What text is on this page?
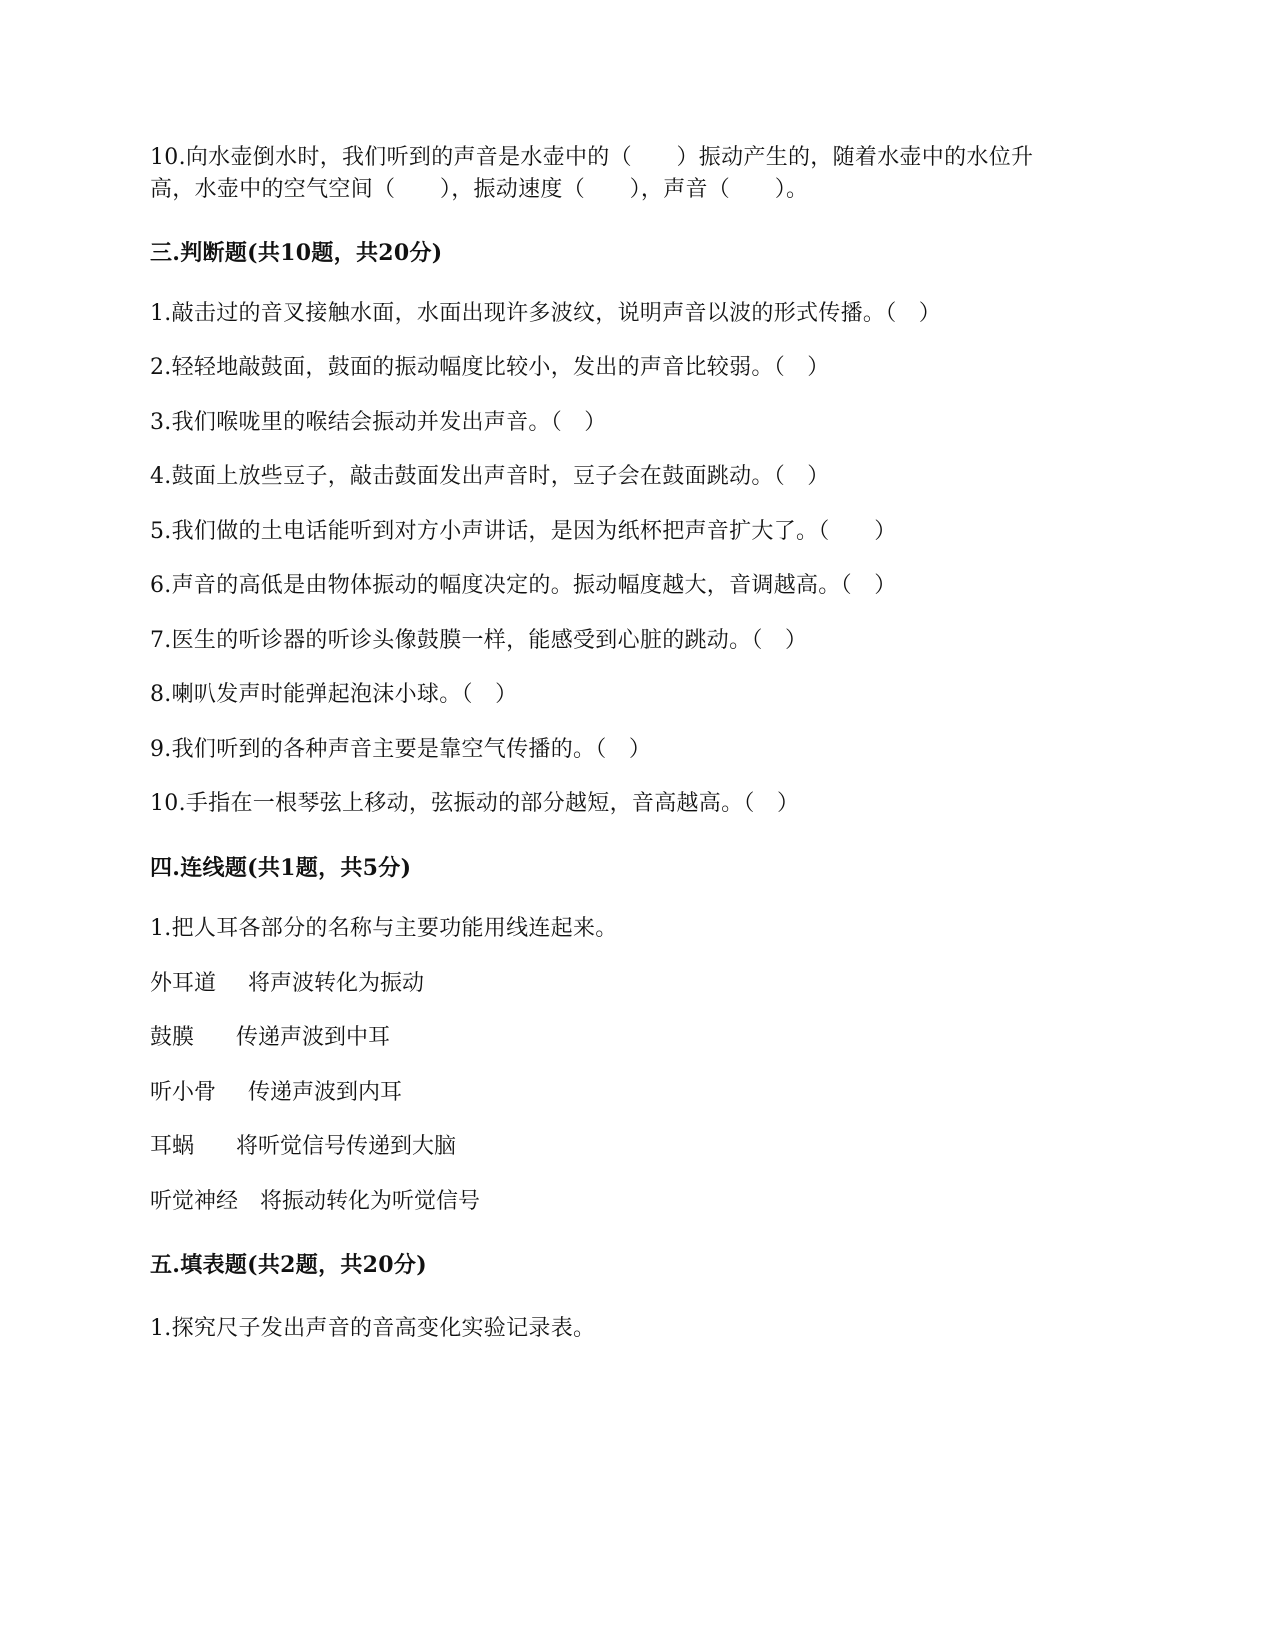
10.向水壶倒水时，我们听到的声音是水壶中的（　　）振动产生的，随着水壶中的水位升
高，水壶中的空气空间（　　），振动速度（　　），声音（　　）。
三.判断题(共10题，共20分)
1.敲击过的音叉接触水面，水面出现许多波纹，说明声音以波的形式传播。（　）
2.轻轻地敲鼓面，鼓面的振动幅度比较小，发出的声音比较弱。（　）
3.我们喉咙里的喉结会振动并发出声音。（　）
4.鼓面上放些豆子，敲击鼓面发出声音时，豆子会在鼓面跳动。（　）
5.我们做的土电话能听到对方小声讲话，是因为纸杯把声音扩大了。（　　）
6.声音的高低是由物体振动的幅度决定的。振动幅度越大，音调越高。（　）
7.医生的听诊器的听诊头像鼓膜一样，能感受到心脏的跳动。（　）
8.喇叭发声时能弹起泡沫小球。（　）
9.我们听到的各种声音主要是靠空气传播的。（　）
10.手指在一根琴弦上移动，弦振动的部分越短，音高越高。（　）
四.连线题(共1题，共5分)
1.把人耳各部分的名称与主要功能用线连起来。
外耳道 将声波转化为振动
鼓膜 传递声波到中耳
听小骨 传递声波到内耳
耳蜗 将听觉信号传递到大脑
听觉神经 将振动转化为听觉信号
五.填表题(共2题，共20分)
1.探究尺子发出声音的音高变化实验记录表。
